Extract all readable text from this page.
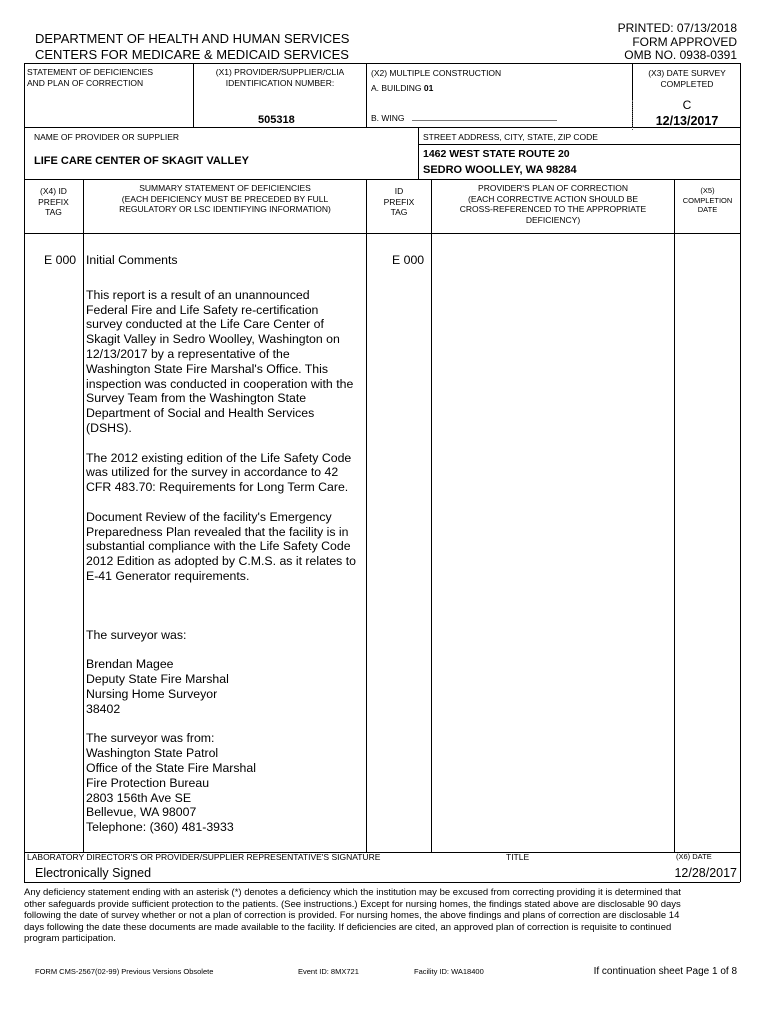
PRINTED: 07/13/2018
FORM APPROVED
OMB NO. 0938-0391
DEPARTMENT OF HEALTH AND HUMAN SERVICES
CENTERS FOR MEDICARE & MEDICAID SERVICES
STATEMENT OF DEFICIENCIES
AND PLAN OF CORRECTION
(X1) PROVIDER/SUPPLIER/CLIA
IDENTIFICATION NUMBER:
505318
(X2) MULTIPLE CONSTRUCTION
A. BUILDING 01
B. WING
(X3) DATE SURVEY
COMPLETED
C
12/13/2017
NAME OF PROVIDER OR SUPPLIER
LIFE CARE CENTER OF SKAGIT VALLEY
STREET ADDRESS, CITY, STATE, ZIP CODE
1462 WEST STATE ROUTE 20
SEDRO WOOLLEY, WA 98284
(X4) ID
PREFIX
TAG
SUMMARY STATEMENT OF DEFICIENCIES
(EACH DEFICIENCY MUST BE PRECEDED BY FULL
REGULATORY OR LSC IDENTIFYING INFORMATION)
ID
PREFIX
TAG
PROVIDER'S PLAN OF CORRECTION
(EACH CORRECTIVE ACTION SHOULD BE
CROSS-REFERENCED TO THE APPROPRIATE
DEFICIENCY)
(X5)
COMPLETION
DATE
E 000	E 000
Initial Comments
This report is a result of an unannounced
Federal Fire and Life Safety re-certification
survey conducted at the Life Care Center of
Skagit Valley in Sedro Woolley, Washington on
12/13/2017 by a representative of the
Washington State Fire Marshal's Office. This
inspection was conducted in cooperation with the
Survey Team from the Washington State
Department of Social and Health Services
(DSHS).
The 2012 existing edition of the Life Safety Code
was utilized for the survey in accordance to 42
CFR 483.70: Requirements for Long Term Care.
Document Review of the facility's Emergency
Preparedness Plan revealed that the facility is in
substantial compliance with the Life Safety Code
2012 Edition as adopted by C.M.S. as it relates to
E-41 Generator requirements.
The surveyor was:
Brendan Magee
Deputy State Fire Marshal
Nursing Home Surveyor
38402
The surveyor was from:
Washington State Patrol
Office of the State Fire Marshal
Fire Protection Bureau
2803 156th Ave SE
Bellevue, WA 98007
Telephone: (360) 481-3933
LABORATORY DIRECTOR'S OR PROVIDER/SUPPLIER REPRESENTATIVE'S SIGNATURE	TITLE	(X6) DATE
Electronically Signed	12/28/2017
Any deficiency statement ending with an asterisk (*) denotes a deficiency which the institution may be excused from correcting providing it is determined that
other safeguards provide sufficient protection to the patients. (See instructions.) Except for nursing homes, the findings stated above are disclosable 90 days
following the date of survey whether or not a plan of correction is provided. For nursing homes, the above findings and plans of correction are disclosable 14
days following the date these documents are made available to the facility. If deficiencies are cited, an approved plan of correction is requisite to continued
program participation.
FORM CMS-2567(02-99) Previous Versions Obsolete	Event ID: 8MX721	Facility ID: WA18400	If continuation sheet Page 1 of 8
